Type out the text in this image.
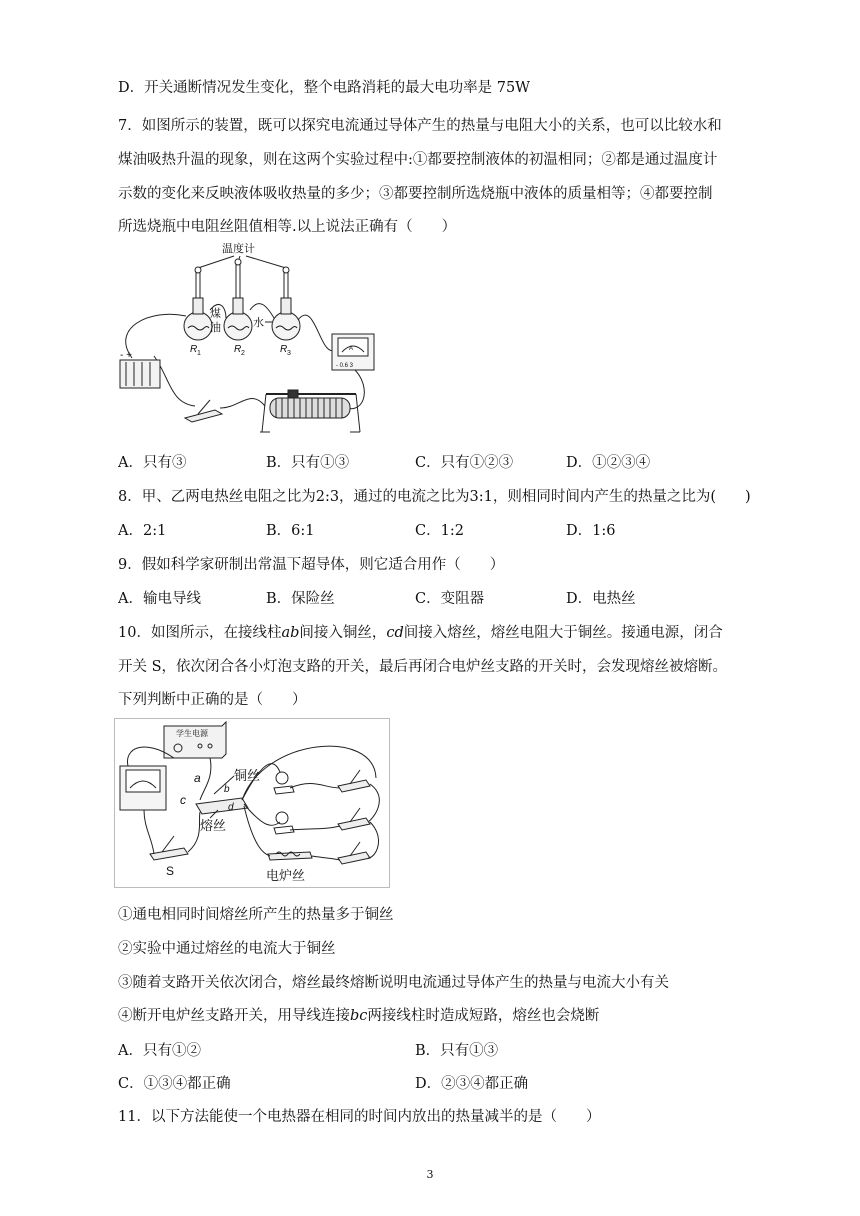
D．开关通断情况发生变化，整个电路消耗的最大电功率是 75W
7．如图所示的装置，既可以探究电流通过导体产生的热量与电阻大小的关系，也可以比较水和
煤油吸热升温的现象，则在这两个实验过程中:①都要控制液体的初温相同；②都是通过温度计
示数的变化来反映液体吸收热量的多少；③都要控制所选烧瓶中液体的质量相等；④都要控制
所选烧瓶中电阻丝阻值相等.以上说法正确有（　　）
温度计
煤
油	水
R 1	R 2	R 3
- +
A
- 0.6 3
A．只有③	B．只有①③	C．只有①②③	D．①②③④
8．甲、乙两电热丝电阻之比为2:3，通过的电流之比为3:1，则相同时间内产生的热量之比为(　　)
A．2:1	B．6:1	C．1:2	D．1:6
9．假如科学家研制出常温下超导体，则它适合用作（　　）
A．输电导线	B．保险丝	C．变阻器	D．电热丝
10．如图所示，在接线柱ab间接入铜丝，cd间接入熔丝，熔丝电阻大于铜丝。接通电源，闭合
开关 S，依次闭合各小灯泡支路的开关，最后再闭合电炉丝支路的开关时，会发现熔丝被熔断。
下列判断中正确的是（　　）
学生电源
a
b
c
d
铜丝
熔丝
电炉丝
S
①通电相同时间熔丝所产生的热量多于铜丝
②实验中通过熔丝的电流大于铜丝
③随着支路开关依次闭合，熔丝最终熔断说明电流通过导体产生的热量与电流大小有关
④断开电炉丝支路开关，用导线连接bc两接线柱时造成短路，熔丝也会烧断
A．只有①②	B．只有①③
C．①③④都正确	D．②③④都正确
11．以下方法能使一个电热器在相同的时间内放出的热量减半的是（　　）
3
